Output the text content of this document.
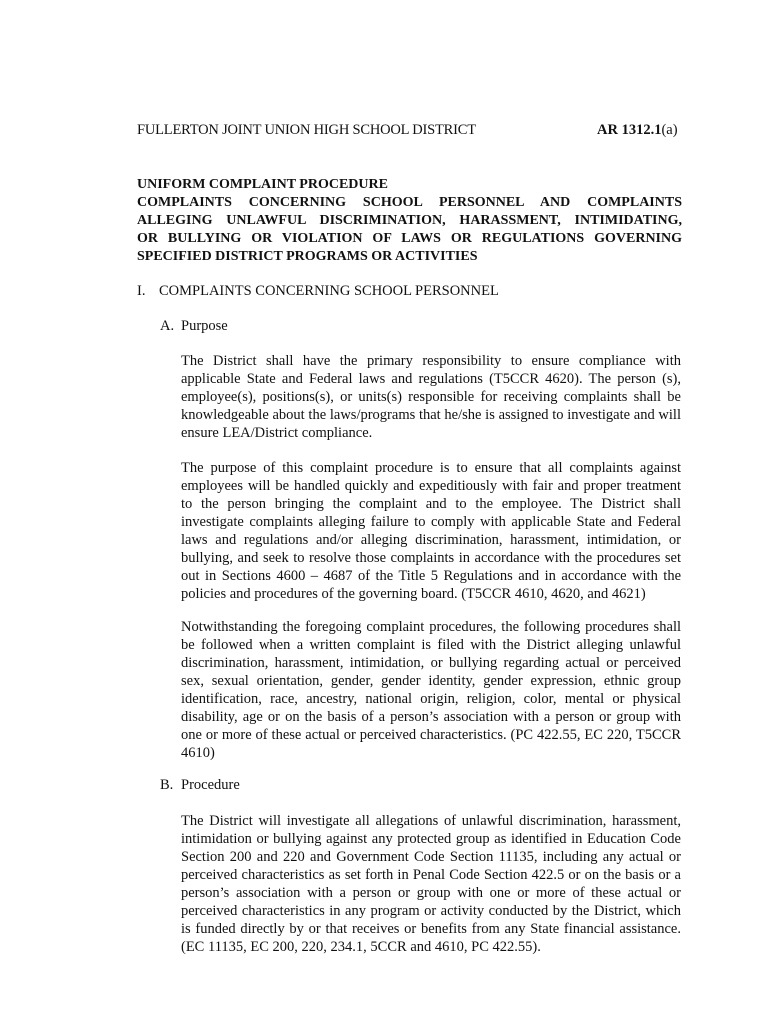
FULLERTON JOINT UNION HIGH SCHOOL DISTRICT	AR 1312.1(a)
UNIFORM COMPLAINT PROCEDURE
COMPLAINTS CONCERNING SCHOOL PERSONNEL AND COMPLAINTS
ALLEGING UNLAWFUL DISCRIMINATION, HARASSMENT, INTIMIDATING,
OR BULLYING OR VIOLATION OF LAWS OR REGULATIONS GOVERNING
SPECIFIED DISTRICT PROGRAMS OR ACTIVITIES
I. COMPLAINTS CONCERNING SCHOOL PERSONNEL
A. Purpose

The District shall have the primary responsibility to ensure compliance with applicable State and Federal laws and regulations (T5CCR 4620). The person (s), employee(s), positions(s), or units(s) responsible for receiving complaints shall be knowledgeable about the laws/programs that he/she is assigned to investigate and will ensure LEA/District compliance.

The purpose of this complaint procedure is to ensure that all complaints against employees will be handled quickly and expeditiously with fair and proper treatment to the person bringing the complaint and to the employee. The District shall investigate complaints alleging failure to comply with applicable State and Federal laws and regulations and/or alleging discrimination, harassment, intimidation, or bullying, and seek to resolve those complaints in accordance with the procedures set out in Sections 4600 – 4687 of the Title 5 Regulations and in accordance with the policies and procedures of the governing board. (T5CCR 4610, 4620, and 4621)

Notwithstanding the foregoing complaint procedures, the following procedures shall be followed when a written complaint is filed with the District alleging unlawful discrimination, harassment, intimidation, or bullying regarding actual or perceived sex, sexual orientation, gender, gender identity, gender expression, ethnic group identification, race, ancestry, national origin, religion, color, mental or physical disability, age or on the basis of a person’s association with a person or group with one or more of these actual or perceived characteristics. (PC 422.55, EC 220, T5CCR 4610)

B. Procedure

The District will investigate all allegations of unlawful discrimination, harassment, intimidation or bullying against any protected group as identified in Education Code Section 200 and 220 and Government Code Section 11135, including any actual or perceived characteristics as set forth in Penal Code Section 422.5 or on the basis or a person’s association with a person or group with one or more of these actual or perceived characteristics in any program or activity conducted by the District, which is funded directly by or that receives or benefits from any State financial assistance. (EC 11135, EC 200, 220, 234.1, 5CCR and 4610, PC 422.55).
